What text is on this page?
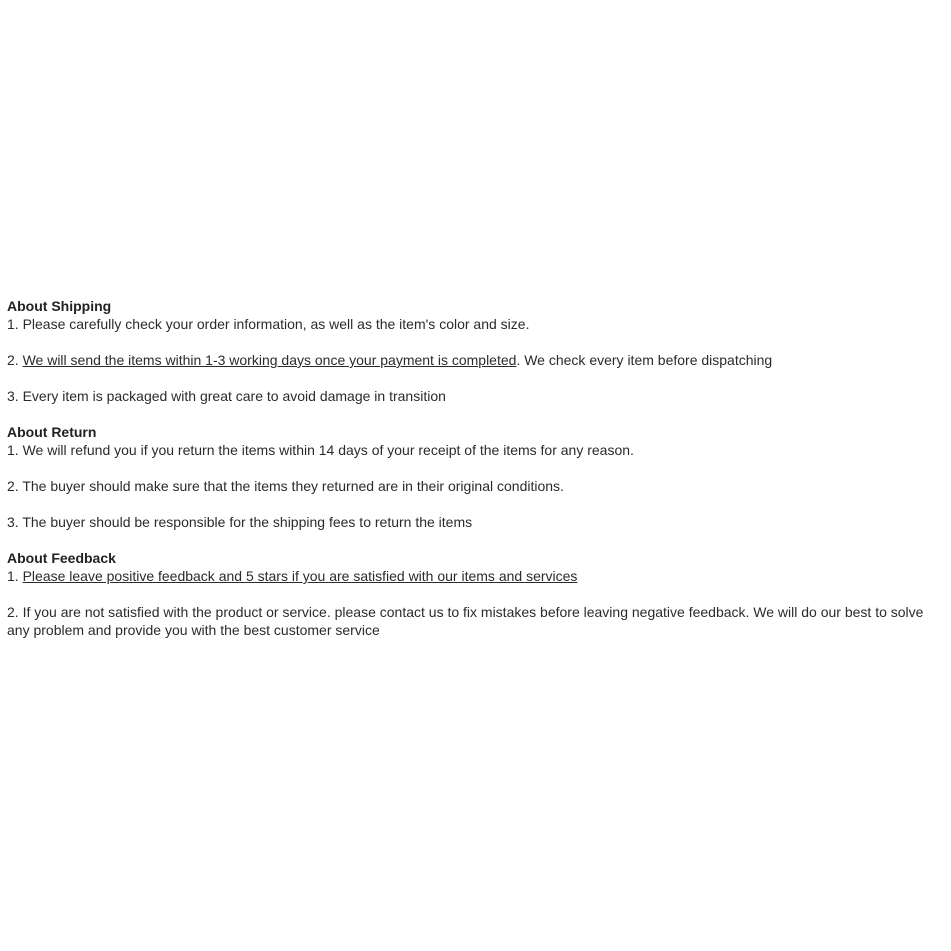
About Shipping

1. Please carefully check your order information, as well as the item's color and size.

2. We will send the items within 1-3 working days once your payment is completed. We check every item before dispatching

3. Every item is packaged with great care to avoid damage in transition

About Return

1. We will refund you if you return the items within 14 days of your receipt of the items for any reason.

2. The buyer should make sure that the items they returned are in their original conditions.

3. The buyer should be responsible for the shipping fees to return the items

About Feedback

1. Please leave positive feedback and 5 stars if you are satisfied with our items and services

2. If you are not satisfied with the product or service. please contact us to fix mistakes before leaving negative feedback. We will do our best to solve any problem and provide you with the best customer service
